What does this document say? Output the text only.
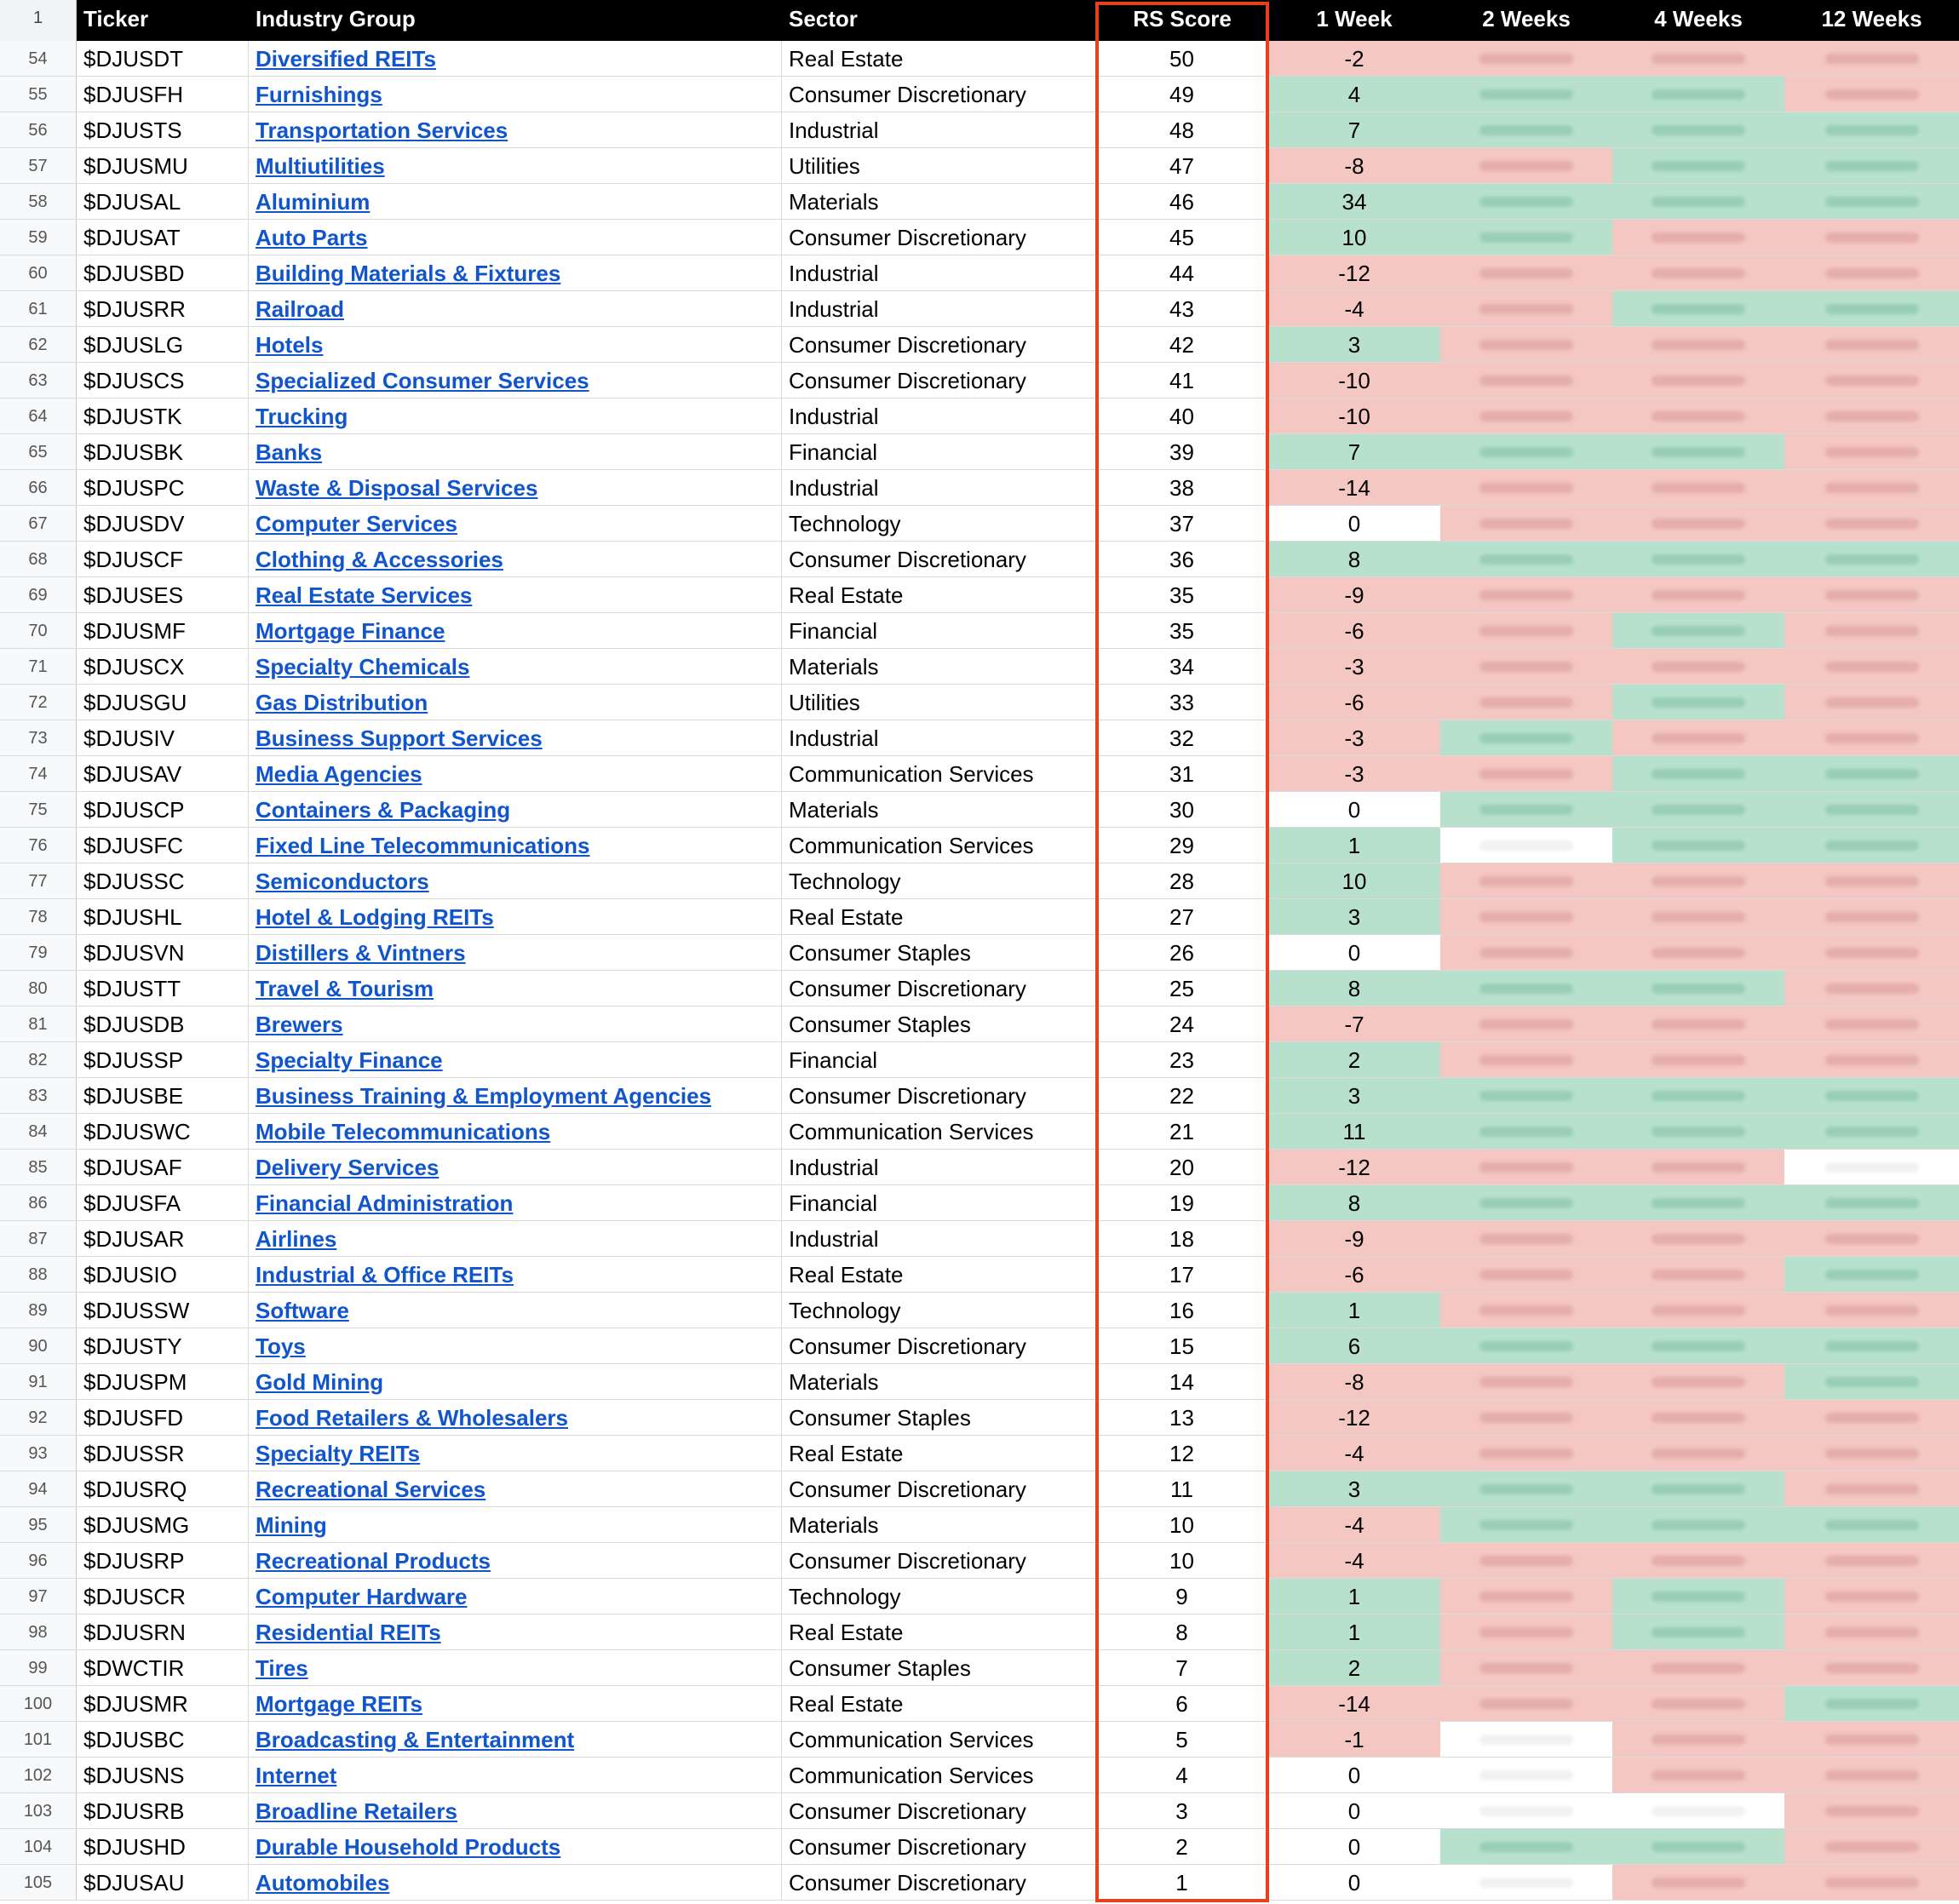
1	Ticker	Industry Group	Sector	RS Score	1 Week	2 Weeks	4 Weeks	12 Weeks
54	$DJUSDT	Diversified REITs	Real Estate	50	-2
55	$DJUSFH	Furnishings	Consumer Discretionary	49	4
56	$DJUSTS	Transportation Services	Industrial	48	7
57	$DJUSMU	Multiutilities	Utilities	47	-8
58	$DJUSAL	Aluminium	Materials	46	34
59	$DJUSAT	Auto Parts	Consumer Discretionary	45	10
60	$DJUSBD	Building Materials & Fixtures	Industrial	44	-12
61	$DJUSRR	Railroad	Industrial	43	-4
62	$DJUSLG	Hotels	Consumer Discretionary	42	3
63	$DJUSCS	Specialized Consumer Services	Consumer Discretionary	41	-10
64	$DJUSTK	Trucking	Industrial	40	-10
65	$DJUSBK	Banks	Financial	39	7
66	$DJUSPC	Waste & Disposal Services	Industrial	38	-14
67	$DJUSDV	Computer Services	Technology	37	0
68	$DJUSCF	Clothing & Accessories	Consumer Discretionary	36	8
69	$DJUSES	Real Estate Services	Real Estate	35	-9
70	$DJUSMF	Mortgage Finance	Financial	35	-6
71	$DJUSCX	Specialty Chemicals	Materials	34	-3
72	$DJUSGU	Gas Distribution	Utilities	33	-6
73	$DJUSIV	Business Support Services	Industrial	32	-3
74	$DJUSAV	Media Agencies	Communication Services	31	-3
75	$DJUSCP	Containers & Packaging	Materials	30	0
76	$DJUSFC	Fixed Line Telecommunications	Communication Services	29	1
77	$DJUSSC	Semiconductors	Technology	28	10
78	$DJUSHL	Hotel & Lodging REITs	Real Estate	27	3
79	$DJUSVN	Distillers & Vintners	Consumer Staples	26	0
80	$DJUSTT	Travel & Tourism	Consumer Discretionary	25	8
81	$DJUSDB	Brewers	Consumer Staples	24	-7
82	$DJUSSP	Specialty Finance	Financial	23	2
83	$DJUSBE	Business Training & Employment Agencies	Consumer Discretionary	22	3
84	$DJUSWC	Mobile Telecommunications	Communication Services	21	11
85	$DJUSAF	Delivery Services	Industrial	20	-12
86	$DJUSFA	Financial Administration	Financial	19	8
87	$DJUSAR	Airlines	Industrial	18	-9
88	$DJUSIO	Industrial & Office REITs	Real Estate	17	-6
89	$DJUSSW	Software	Technology	16	1
90	$DJUSTY	Toys	Consumer Discretionary	15	6
91	$DJUSPM	Gold Mining	Materials	14	-8
92	$DJUSFD	Food Retailers & Wholesalers	Consumer Staples	13	-12
93	$DJUSSR	Specialty REITs	Real Estate	12	-4
94	$DJUSRQ	Recreational Services	Consumer Discretionary	11	3
95	$DJUSMG	Mining	Materials	10	-4
96	$DJUSRP	Recreational Products	Consumer Discretionary	10	-4
97	$DJUSCR	Computer Hardware	Technology	9	1
98	$DJUSRN	Residential REITs	Real Estate	8	1
99	$DWCTIR	Tires	Consumer Staples	7	2
100	$DJUSMR	Mortgage REITs	Real Estate	6	-14
101	$DJUSBC	Broadcasting & Entertainment	Communication Services	5	-1
102	$DJUSNS	Internet	Communication Services	4	0
103	$DJUSRB	Broadline Retailers	Consumer Discretionary	3	0
104	$DJUSHD	Durable Household Products	Consumer Discretionary	2	0
105	$DJUSAU	Automobiles	Consumer Discretionary	1	0
